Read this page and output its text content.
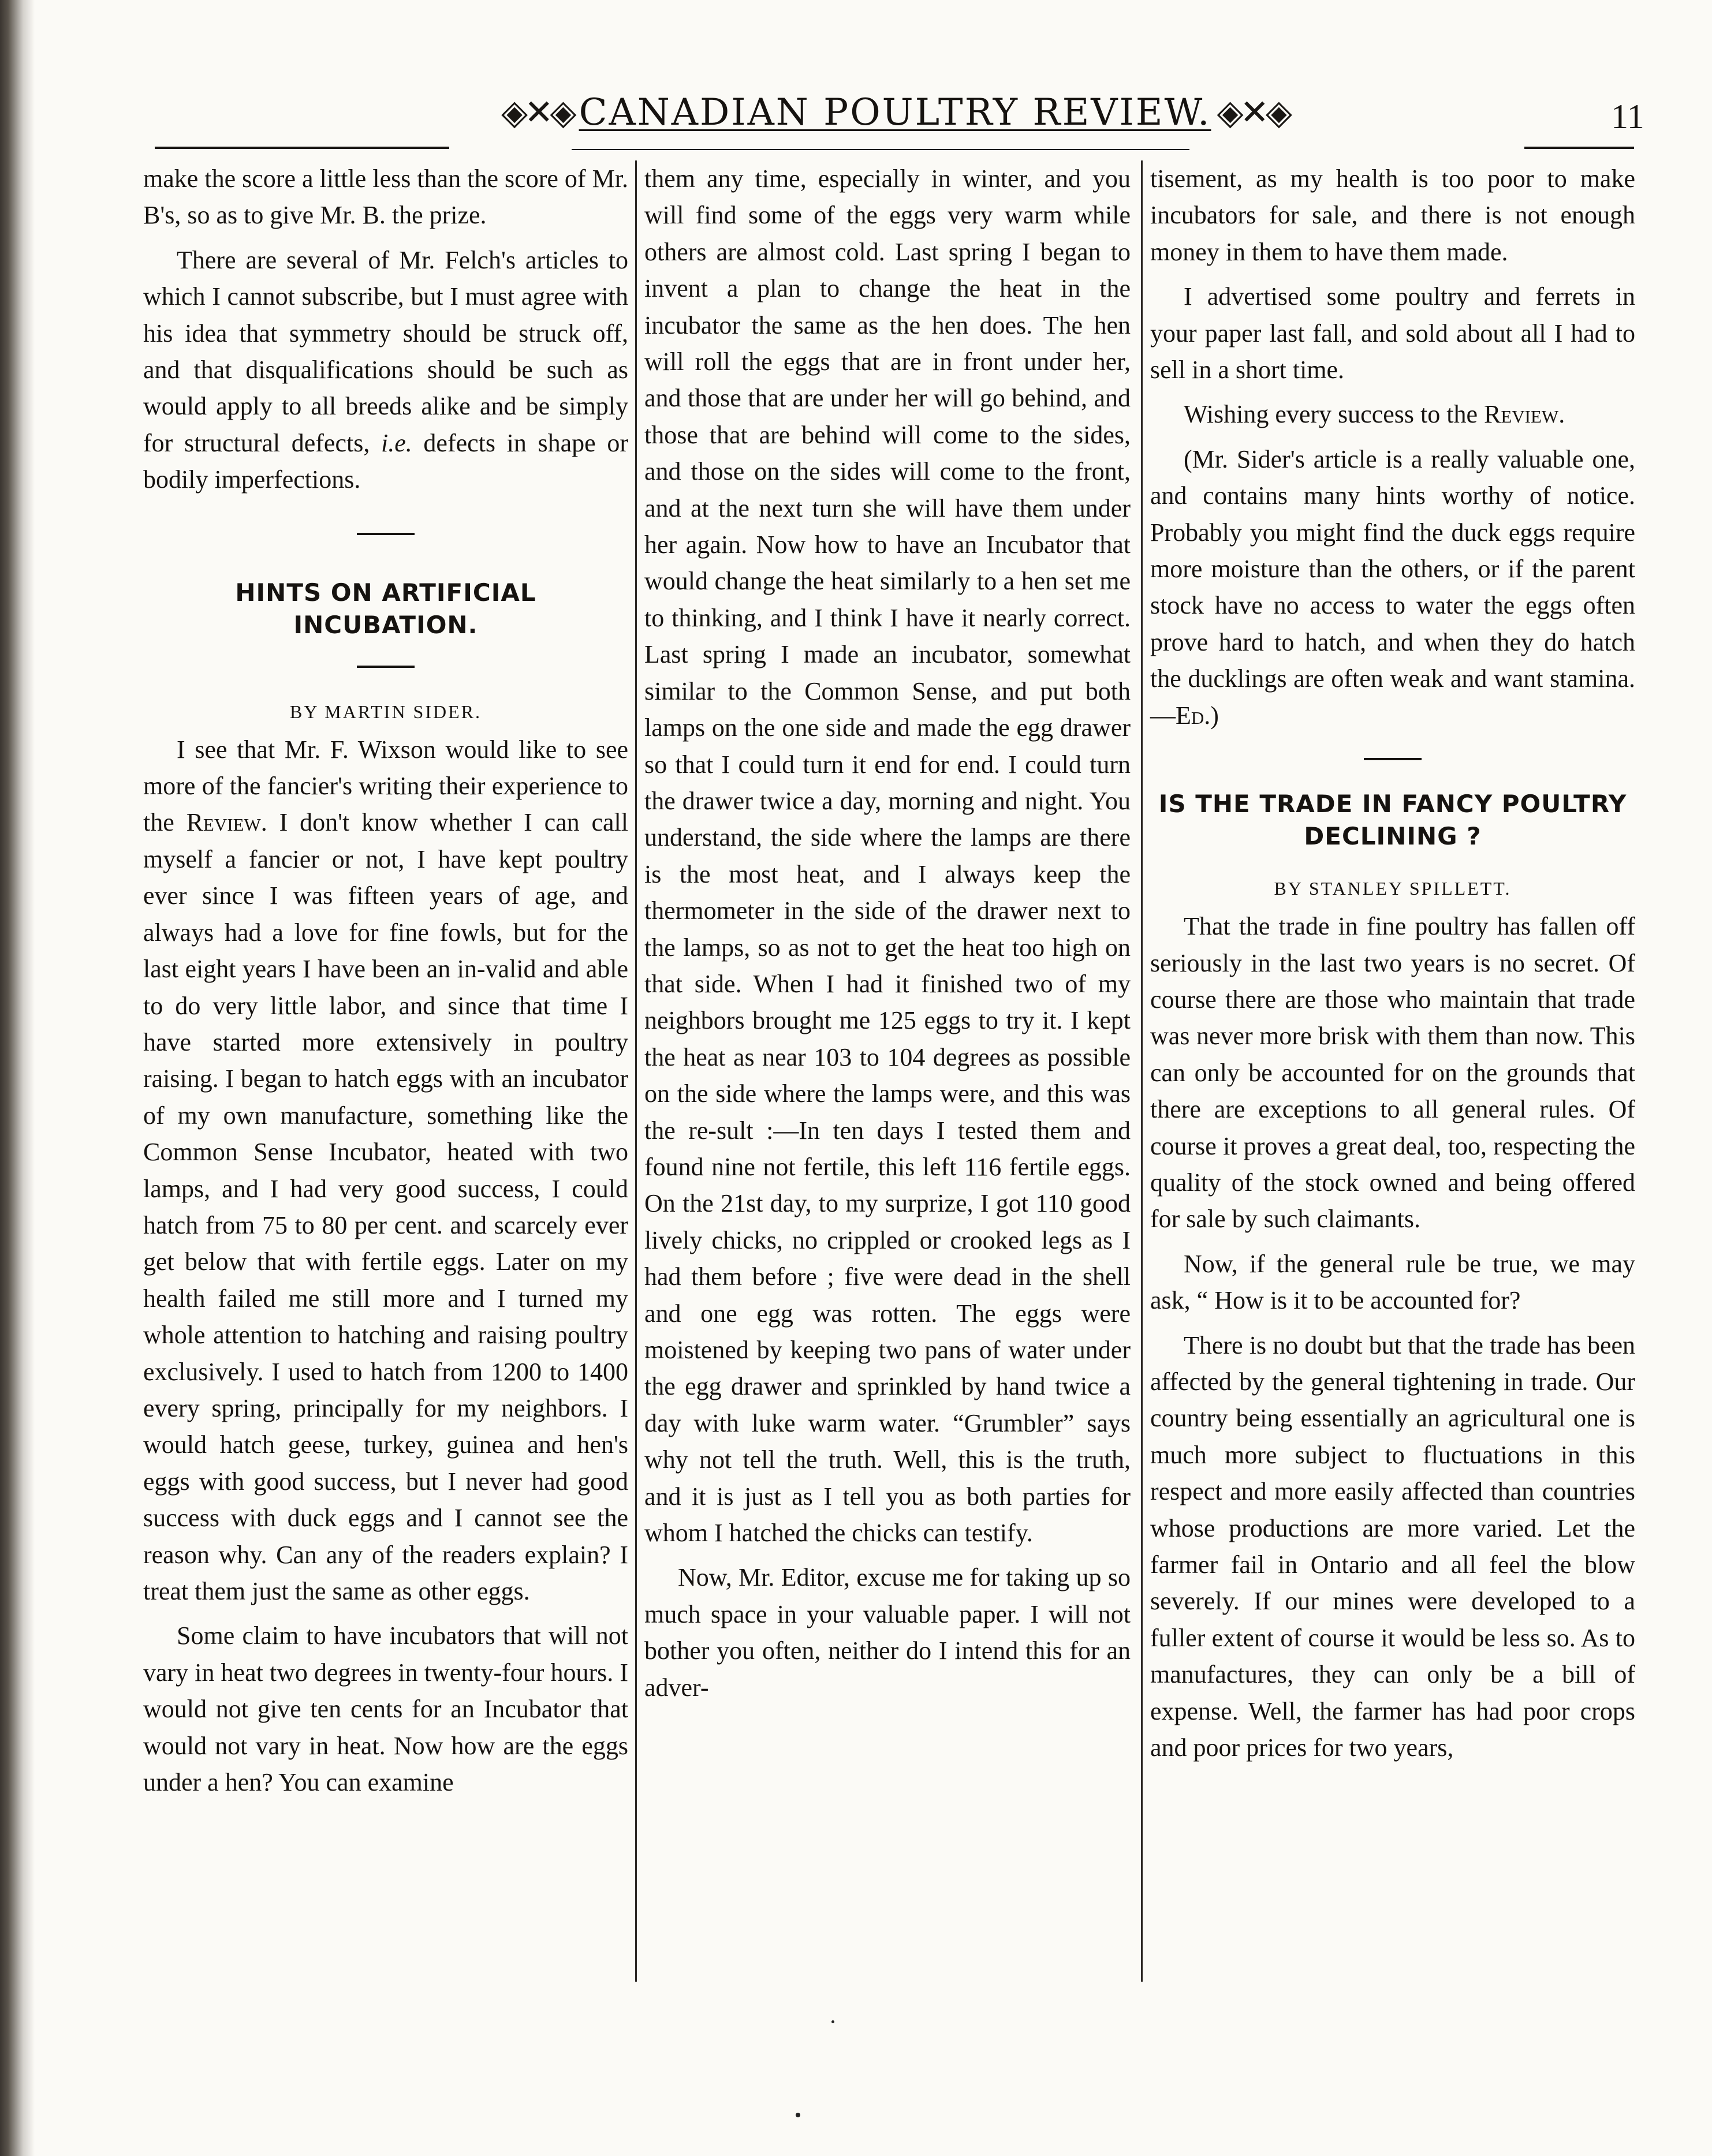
◈✕◈ CANADIAN POULTRY REVIEW. ◈✕◈	11

make the score a little less than the score of Mr. B's, so as to give Mr. B. the prize.

There are several of Mr. Felch's articles to which I cannot subscribe, but I must agree with his idea that symmetry should be struck off, and that disqualifications should be such as would apply to all breeds alike and be simply for structural defects, i.e. defects in shape or bodily imperfections.

HINTS ON ARTIFICIAL INCUBATION.
BY MARTIN SIDER.

I see that Mr. F. Wixson would like to see more of the fancier's writing their experience to the Review. I don't know whether I can call myself a fancier or not, I have kept poultry ever since I was fifteen years of age, and always had a love for fine fowls, but for the last eight years I have been an in-valid and able to do very little labor, and since that time I have started more extensively in poultry raising. I began to hatch eggs with an incubator of my own manufacture, something like the Common Sense Incubator, heated with two lamps, and I had very good success, I could hatch from 75 to 80 per cent. and scarcely ever get below that with fertile eggs. Later on my health failed me still more and I turned my whole attention to hatching and raising poultry exclusively. I used to hatch from 1200 to 1400 every spring, principally for my neighbors. I would hatch geese, turkey, guinea and hen's eggs with good success, but I never had good success with duck eggs and I cannot see the reason why. Can any of the readers explain? I treat them just the same as other eggs.

Some claim to have incubators that will not vary in heat two degrees in twenty-four hours. I would not give ten cents for an Incubator that would not vary in heat. Now how are the eggs under a hen? You can examine

them any time, especially in winter, and you will find some of the eggs very warm while others are almost cold. Last spring I began to invent a plan to change the heat in the incubator the same as the hen does. The hen will roll the eggs that are in front under her, and those that are under her will go behind, and those that are behind will come to the sides, and those on the sides will come to the front, and at the next turn she will have them under her again. Now how to have an Incubator that would change the heat similarly to a hen set me to thinking, and I think I have it nearly correct. Last spring I made an incubator, somewhat similar to the Common Sense, and put both lamps on the one side and made the egg drawer so that I could turn it end for end. I could turn the drawer twice a day, morning and night. You understand, the side where the lamps are there is the most heat, and I always keep the thermometer in the side of the drawer next to the lamps, so as not to get the heat too high on that side. When I had it finished two of my neighbors brought me 125 eggs to try it. I kept the heat as near 103 to 104 degrees as possible on the side where the lamps were, and this was the re-sult :—In ten days I tested them and found nine not fertile, this left 116 fertile eggs. On the 21st day, to my surprize, I got 110 good lively chicks, no crippled or crooked legs as I had them before ; five were dead in the shell and one egg was rotten. The eggs were moistened by keeping two pans of water under the egg drawer and sprinkled by hand twice a day with luke warm water. “Grumbler” says why not tell the truth. Well, this is the truth, and it is just as I tell you as both parties for whom I hatched the chicks can testify.

Now, Mr. Editor, excuse me for taking up so much space in your valuable paper. I will not bother you often, neither do I intend this for an adver-

tisement, as my health is too poor to make incubators for sale, and there is not enough money in them to have them made.

I advertised some poultry and ferrets in your paper last fall, and sold about all I had to sell in a short time.

Wishing every success to the Review.

(Mr. Sider's article is a really valuable one, and contains many hints worthy of notice. Probably you might find the duck eggs require more moisture than the others, or if the parent stock have no access to water the eggs often prove hard to hatch, and when they do hatch the ducklings are often weak and want stamina.—Ed.)

IS THE TRADE IN FANCY POULTRY DECLINING ?
BY STANLEY SPILLETT.

That the trade in fine poultry has fallen off seriously in the last two years is no secret. Of course there are those who maintain that trade was never more brisk with them than now. This can only be accounted for on the grounds that there are exceptions to all general rules. Of course it proves a great deal, too, respecting the quality of the stock owned and being offered for sale by such claimants.

Now, if the general rule be true, we may ask, “ How is it to be accounted for?

There is no doubt but that the trade has been affected by the general tightening in trade. Our country being essentially an agricultural one is much more subject to fluctuations in this respect and more easily affected than countries whose productions are more varied. Let the farmer fail in Ontario and all feel the blow severely. If our mines were developed to a fuller extent of course it would be less so. As to manufactures, they can only be a bill of expense. Well, the farmer has had poor crops and poor prices for two years,
